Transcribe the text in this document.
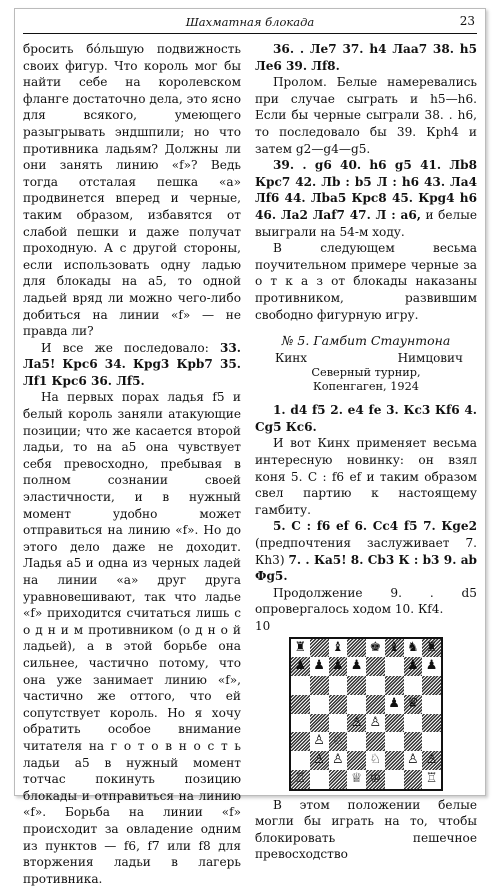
Шахматная блокада	23

бросить бо́льшую подвижность своих фигур. Что король мог бы найти себе на королевском фланге достаточно дела, это ясно для всякого, умеющего разыгрывать эндшпили; но что противника ладьям? Должны ли они занять линию «f»? Ведь тогда отсталая пешка «а» продвинется вперед и черные, таким образом, избавятся от слабой пешки и даже получат проходную. А с другой стороны, если использовать одну ладью для блокады на а5, то одной ладьей вряд ли можно чего-либо добиться на линии «f» — не правда ли?

И все же последовало: 33. Ла5! Крс6 34. Крg3 Крb7 35. Лf1 Крс6 36. Лf5.

На первых порах ладья f5 и белый король заняли атакующие позиции; что же касается второй ладьи, то на а5 она чувствует себя превосходно, пребывая в полном сознании своей эластичности, и в нужный момент удобно может отправиться на линию «f». Но до этого дело даже не доходит. Ладья а5 и одна из черных ладей на линии «а» друг друга уравновешивают, так что ладье «f» приходится считаться лишь с о д н и м противником (о д н о й ладьей), а в этой борьбе она сильнее, частично потому, что она уже занимает линию «f», частично же оттого, что ей сопутствует король. Но я хочу обратить особое внимание читателя на г о т о в н о с т ь ладьи а5 в нужный момент тотчас покинуть позицию блокады и отправиться на линию «f». Борьба на линии «f» происходит за овладение одним из пунктов — f6, f7 или f8 для вторжения ладьи в лагерь противника.

36. . Ле7 37. h4 Лаа7 38. h5 Ле6 39. Лf8.

Пролом. Белые намеревались при случае сыграть и h5—h6. Если бы черные сыграли 38. . h6, то последовало бы 39. Крh4 и затем g2—g4—g5.

39. . g6 40. h6 g5 41. Лb8 Крс7 42. Лb : b5 Л : h6 43. Ла4 Лf6 44. Лbа5 Крс8 45. Крg4 h6 46. Ла2 Лаf7 47. Л : а6, и белые выиграли на 54-м ходу.

В следующем весьма поучительном примере черные за о т к а з от блокады наказаны противником, развившим свободно фигурную игру.

№ 5. Гамбит Стаунтона
Кинх	Нимцович
Северный турнир,
Копенгаген, 1924

1. d4 f5 2. е4 fе 3. Кс3 Кf6 4. Сg5 Кс6.

И вот Кинх применяет весьма интересную новинку: он взял коня 5. С : f6 еf и таким образом свел партию к настоящему гамбиту.

5. С : f6 еf 6. Сс4 f5 7. Кgе2 (предпочтения заслуживает 7. Кh3) 7. . Ка5! 8. Сb3 К : b3 9. аb Фg5.

Продолжение 9. . d5 опровергалось ходом 10. Кf4.

10
♜ ♝ ♚ ♝ ♞ ♜
♟ ♟ ♟ ♟	♟ ♟
♟ ♛
♙ ♙
♙ ♘
♙ ♙ ♘ ♙ ♙
♖	♕ ♔	♖

В этом положении белые могли бы играть на то, чтобы блокировать пешечное превосходство
